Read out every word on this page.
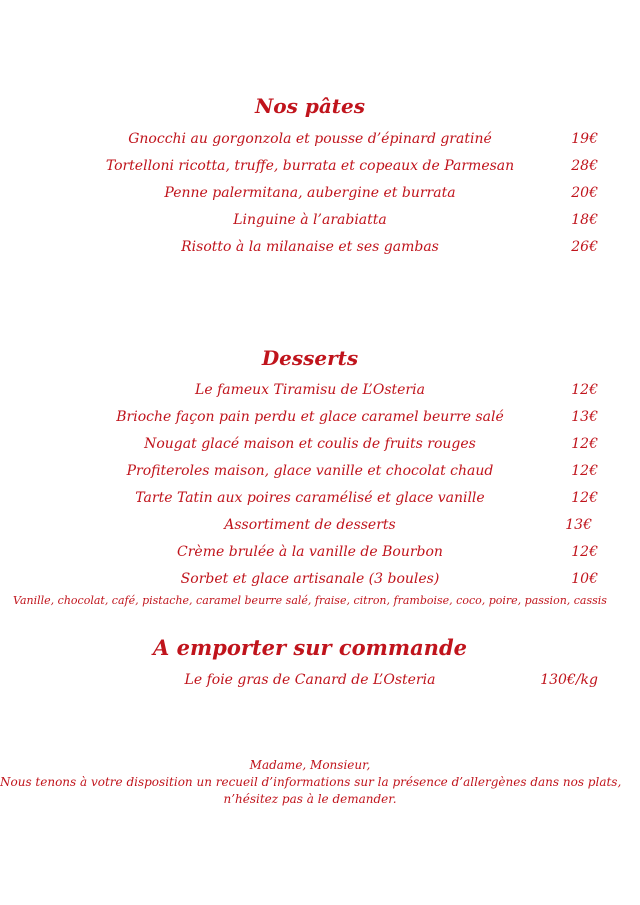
Nos pâtes
Gnocchi au gorgonzola et pousse d’épinard gratiné	19€
Tortelloni ricotta, truffe, burrata et copeaux de Parmesan	28€
Penne palermitana, aubergine et burrata	20€
Linguine à l’arabiatta	18€
Risotto à la milanaise et ses gambas	26€
Desserts
Le fameux Tiramisu de L’Osteria	12€
Brioche façon pain perdu et glace caramel beurre salé	13€
Nougat glacé maison et coulis de fruits rouges	12€
Profiteroles maison, glace vanille et chocolat chaud	12€
Tarte Tatin aux poires caramélisé et glace vanille	12€
Assortiment de desserts	13€
Crème brulée à la vanille de Bourbon	12€
Sorbet et glace artisanale (3 boules)	10€
Vanille, chocolat, café, pistache, caramel beurre salé, fraise, citron, framboise, coco, poire, passion, cassis
A emporter sur commande
Le foie gras de Canard de L’Osteria	130€/kg
Madame, Monsieur,
Nous tenons à votre disposition un recueil d’informations sur la présence d’allergènes dans nos plats,
n’hésitez pas à le demander.
